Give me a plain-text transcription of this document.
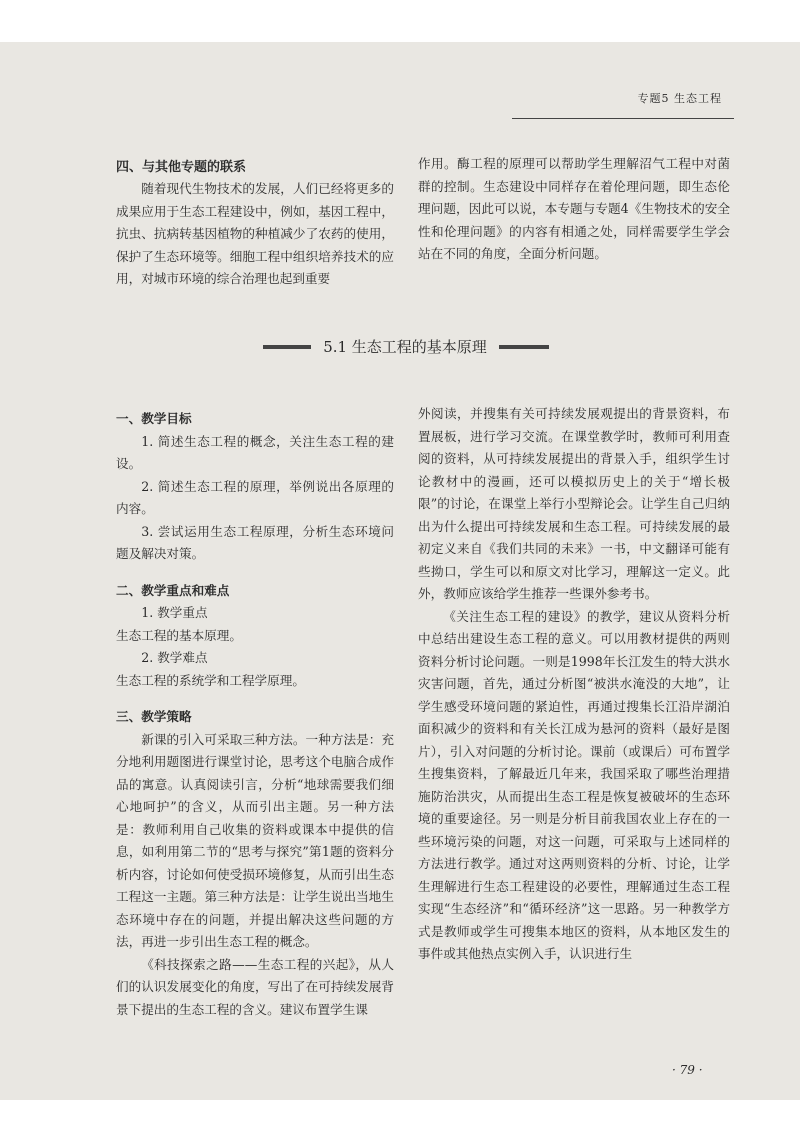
专题5 生态工程
四、与其他专题的联系

随着现代生物技术的发展，人们已经将更多的成果应用于生态工程建设中，例如，基因工程中，抗虫、抗病转基因植物的种植减少了农药的使用，保护了生态环境等。细胞工程中组织培养技术的应用，对城市环境的综合治理也起到重要

作用。酶工程的原理可以帮助学生理解沼气工程中对菌群的控制。生态建设中同样存在着伦理问题，即生态伦理问题，因此可以说，本专题与专题4《生物技术的安全性和伦理问题》的内容有相通之处，同样需要学生学会站在不同的角度，全面分析问题。

5.1 生态工程的基本原理
一、教学目标

1. 简述生态工程的概念，关注生态工程的建设。

2. 简述生态工程的原理，举例说出各原理的内容。

3. 尝试运用生态工程原理，分析生态环境问题及解决对策。

二、教学重点和难点

1. 教学重点

生态工程的基本原理。

2. 教学难点

生态工程的系统学和工程学原理。

三、教学策略

新课的引入可采取三种方法。一种方法是：充分地利用题图进行课堂讨论，思考这个电脑合成作品的寓意。认真阅读引言，分析“地球需要我们细心地呵护”的含义，从而引出主题。另一种方法是：教师利用自己收集的资料或课本中提供的信息，如利用第二节的“思考与探究”第1题的资料分析内容，讨论如何使受损环境修复，从而引出生态工程这一主题。第三种方法是：让学生说出当地生态环境中存在的问题，并提出解决这些问题的方法，再进一步引出生态工程的概念。

《科技探索之路——生态工程的兴起》，从人们的认识发展变化的角度，写出了在可持续发展背景下提出的生态工程的含义。建议布置学生课

外阅读，并搜集有关可持续发展观提出的背景资料，布置展板，进行学习交流。在课堂教学时，教师可利用查阅的资料，从可持续发展提出的背景入手，组织学生讨论教材中的漫画，还可以模拟历史上的关于“增长极限”的讨论，在课堂上举行小型辩论会。让学生自己归纳出为什么提出可持续发展和生态工程。可持续发展的最初定义来自《我们共同的未来》一书，中文翻译可能有些拗口，学生可以和原文对比学习，理解这一定义。此外，教师应该给学生推荐一些课外参考书。

《关注生态工程的建设》的教学，建议从资料分析中总结出建设生态工程的意义。可以用教材提供的两则资料分析讨论问题。一则是1998年长江发生的特大洪水灾害问题，首先，通过分析图“被洪水淹没的大地”，让学生感受环境问题的紧迫性，再通过搜集长江沿岸湖泊面积减少的资料和有关长江成为悬河的资料（最好是图片），引入对问题的分析讨论。课前（或课后）可布置学生搜集资料，了解最近几年来，我国采取了哪些治理措施防治洪灾，从而提出生态工程是恢复被破坏的生态环境的重要途径。另一则是分析目前我国农业上存在的一些环境污染的问题，对这一问题，可采取与上述同样的方法进行教学。通过对这两则资料的分析、讨论，让学生理解进行生态工程建设的必要性，理解通过生态工程实现“生态经济”和“循环经济”这一思路。另一种教学方式是教师或学生可搜集本地区的资料，从本地区发生的事件或其他热点实例入手，认识进行生

· 79 ·
